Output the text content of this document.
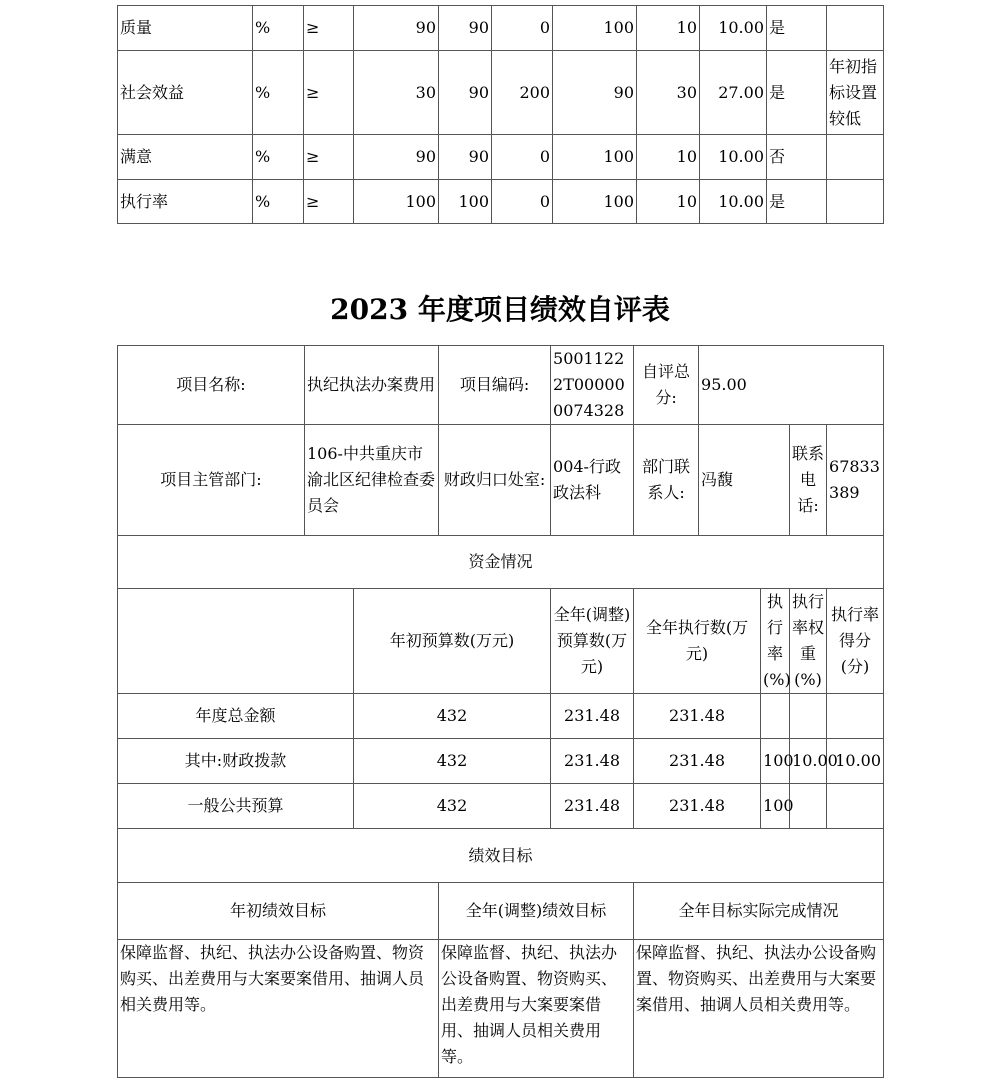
质量	%	≥	90	90	0	100	10	10.00	是	
社会效益	%	≥	30	90	200	90	30	27.00	是	年初指标设置较低
满意	%	≥	90	90	0	100	10	10.00	否	
执行率	%	≥	100	100	0	100	10	10.00	是	
2023 年度项目绩效自评表
项目名称:	执纪执法办案费用		项目编码:	50011222T000000074328	自评总分:	95.00			
项目主管部门:	106-中共重庆市渝北区纪律检查委员会		财政归口处室:	004-行政政法科	部门联系人:	冯馥		联系电话:	67833389
资金情况									
		年初预算数(万元)		全年(调整)预算数(万元)	全年执行数(万元)		执行率(%)	执行率权重(%)	执行率得分(分)
年度总金额		432		231.48	231.48				
其中:财政拨款		432		231.48	231.48		100	10.00	10.00
一般公共预算		432		231.48	231.48		100		
绩效目标									
年初绩效目标			全年(调整)绩效目标		全年目标实际完成情况				
保障监督、执纪、执法办公设备购置、物资购买、出差费用与大案要案借用、抽调人员相关费用等。			保障监督、执纪、执法办公设备购置、物资购买、出差费用与大案要案借用、抽调人员相关费用等。		保障监督、执纪、执法办公设备购置、物资购买、出差费用与大案要案借用、抽调人员相关费用等。				
